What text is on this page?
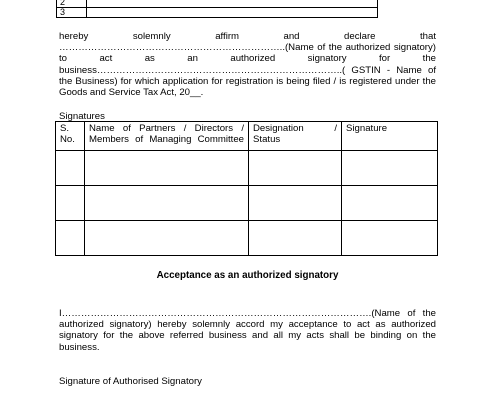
2	
3	
hereby solemnly affirm and declare that ……………………………………………………………..(Name of the authorized signatory) to act as an authorized signatory for the business…………………………………………………………………..( GSTIN - Name of the Business) for which application for registration is being filed / is registered under the Goods and Service Tax Act, 20__.
Signatures
S. No.	Name of Partners / Directors / Members of Managing Committee	Designation / Status	Signature

Acceptance as an authorized signatory
I…………………………………………………………………………………….(Name of the authorized signatory) hereby solemnly accord my acceptance to act as authorized signatory for the above referred business and all my acts shall be binding on the business.
Signature of Authorised Signatory
